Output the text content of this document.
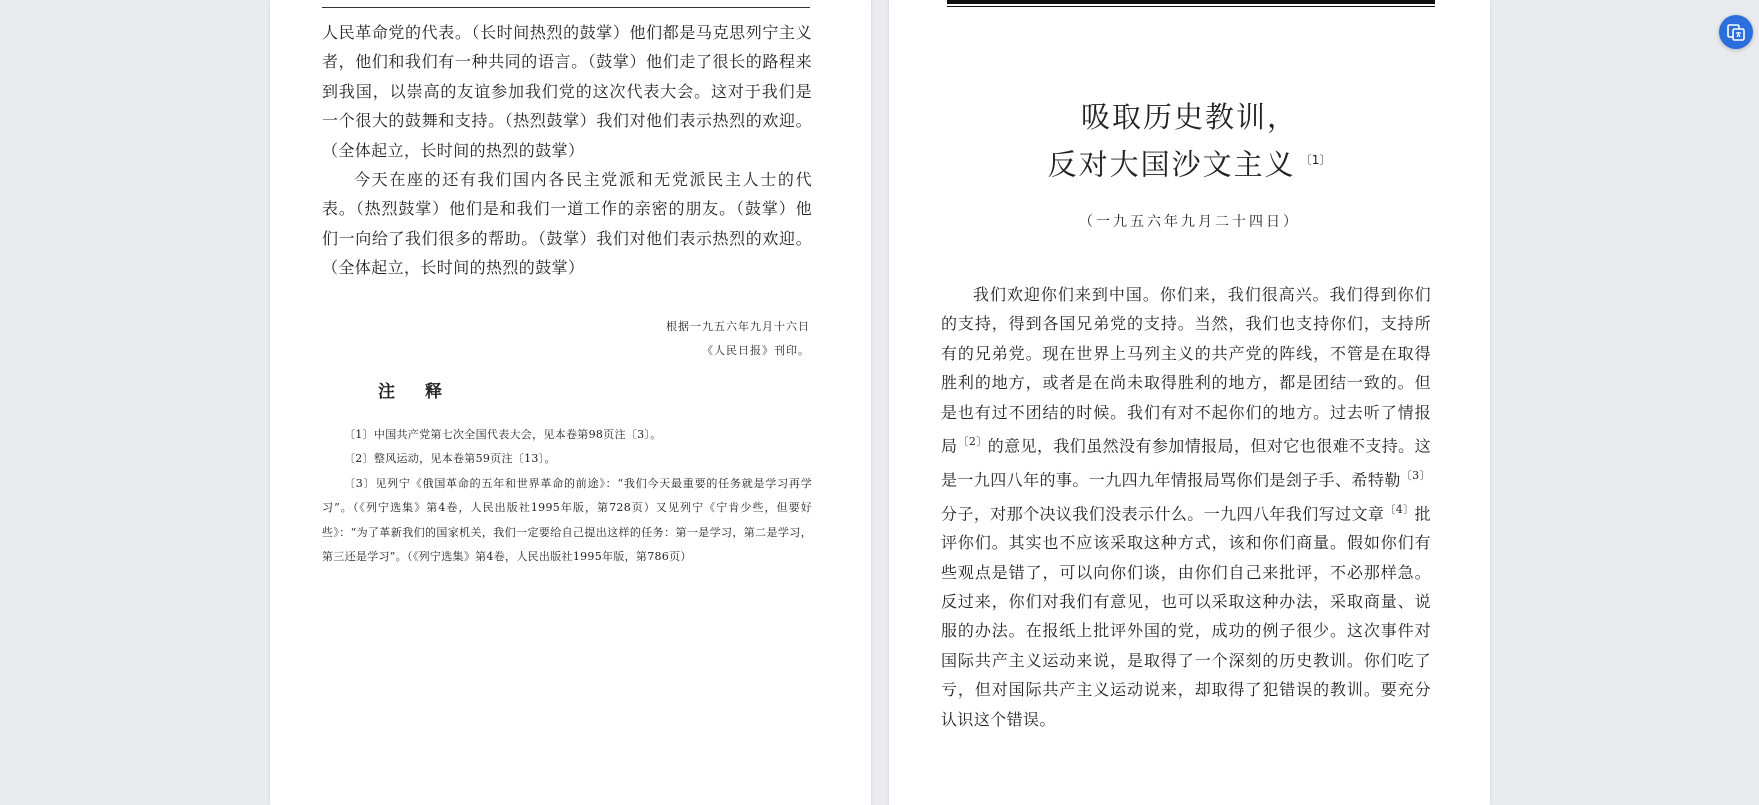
人民革命党的代表。（长时间热烈的鼓掌）他们都是马克思列宁主义者，他们和我们有一种共同的语言。（鼓掌）他们走了很长的路程来到我国，以崇高的友谊参加我们党的这次代表大会。这对于我们是一个很大的鼓舞和支持。（热烈鼓掌）我们对他们表示热烈的欢迎。（全体起立，长时间的热烈的鼓掌）

今天在座的还有我们国内各民主党派和无党派民主人士的代表。（热烈鼓掌）他们是和我们一道工作的亲密的朋友。（鼓掌）他们一向给了我们很多的帮助。（鼓掌）我们对他们表示热烈的欢迎。（全体起立，长时间的热烈的鼓掌）

根据一九五六年九月十六日
《人民日报》刊印。
注 释

〔1〕中国共产党第七次全国代表大会，见本卷第98页注〔3〕。

〔2〕整风运动，见本卷第59页注〔13〕。

〔3〕见列宁《俄国革命的五年和世界革命的前途》：“我们今天最重要的任务就是学习再学习”。（《列宁选集》第4卷，人民出版社1995年版，第728页）又见列宁《宁肯少些，但要好些》：“为了革新我们的国家机关，我们一定要给自己提出这样的任务：第一是学习，第二是学习，第三还是学习”。（《列宁选集》第4卷，人民出版社1995年版，第786页）

吸取历史教训，
反对大国沙文主义 $^{〔1〕}$
（一九五六年九月二十四日）
我们欢迎你们来到中国。你们来，我们很高兴。我们得到你们的支持，得到各国兄弟党的支持。当然，我们也支持你们，支持所有的兄弟党。现在世界上马列主义的共产党的阵线，不管是在取得胜利的地方，或者是在尚未取得胜利的地方，都是团结一致的。但是也有过不团结的时候。我们有对不起你们的地方。过去听了情报局$^{〔2〕}$的意见，我们虽然没有参加情报局，但对它也很难不支持。这是一九四八年的事。一九四九年情报局骂你们是刽子手、希特勒$^{〔3〕}$分子，对那个决议我们没表示什么。一九四八年我们写过文章$^{〔4〕}$批评你们。其实也不应该采取这种方式，该和你们商量。假如你们有些观点是错了，可以向你们谈，由你们自己来批评，不必那样急。反过来，你们对我们有意见，也可以采取这种办法，采取商量、说服的办法。在报纸上批评外国的党，成功的例子很少。这次事件对国际共产主义运动来说，是取得了一个深刻的历史教训。你们吃了亏，但对国际共产主义运动说来，却取得了犯错误的教训。要充分认识这个错误。
